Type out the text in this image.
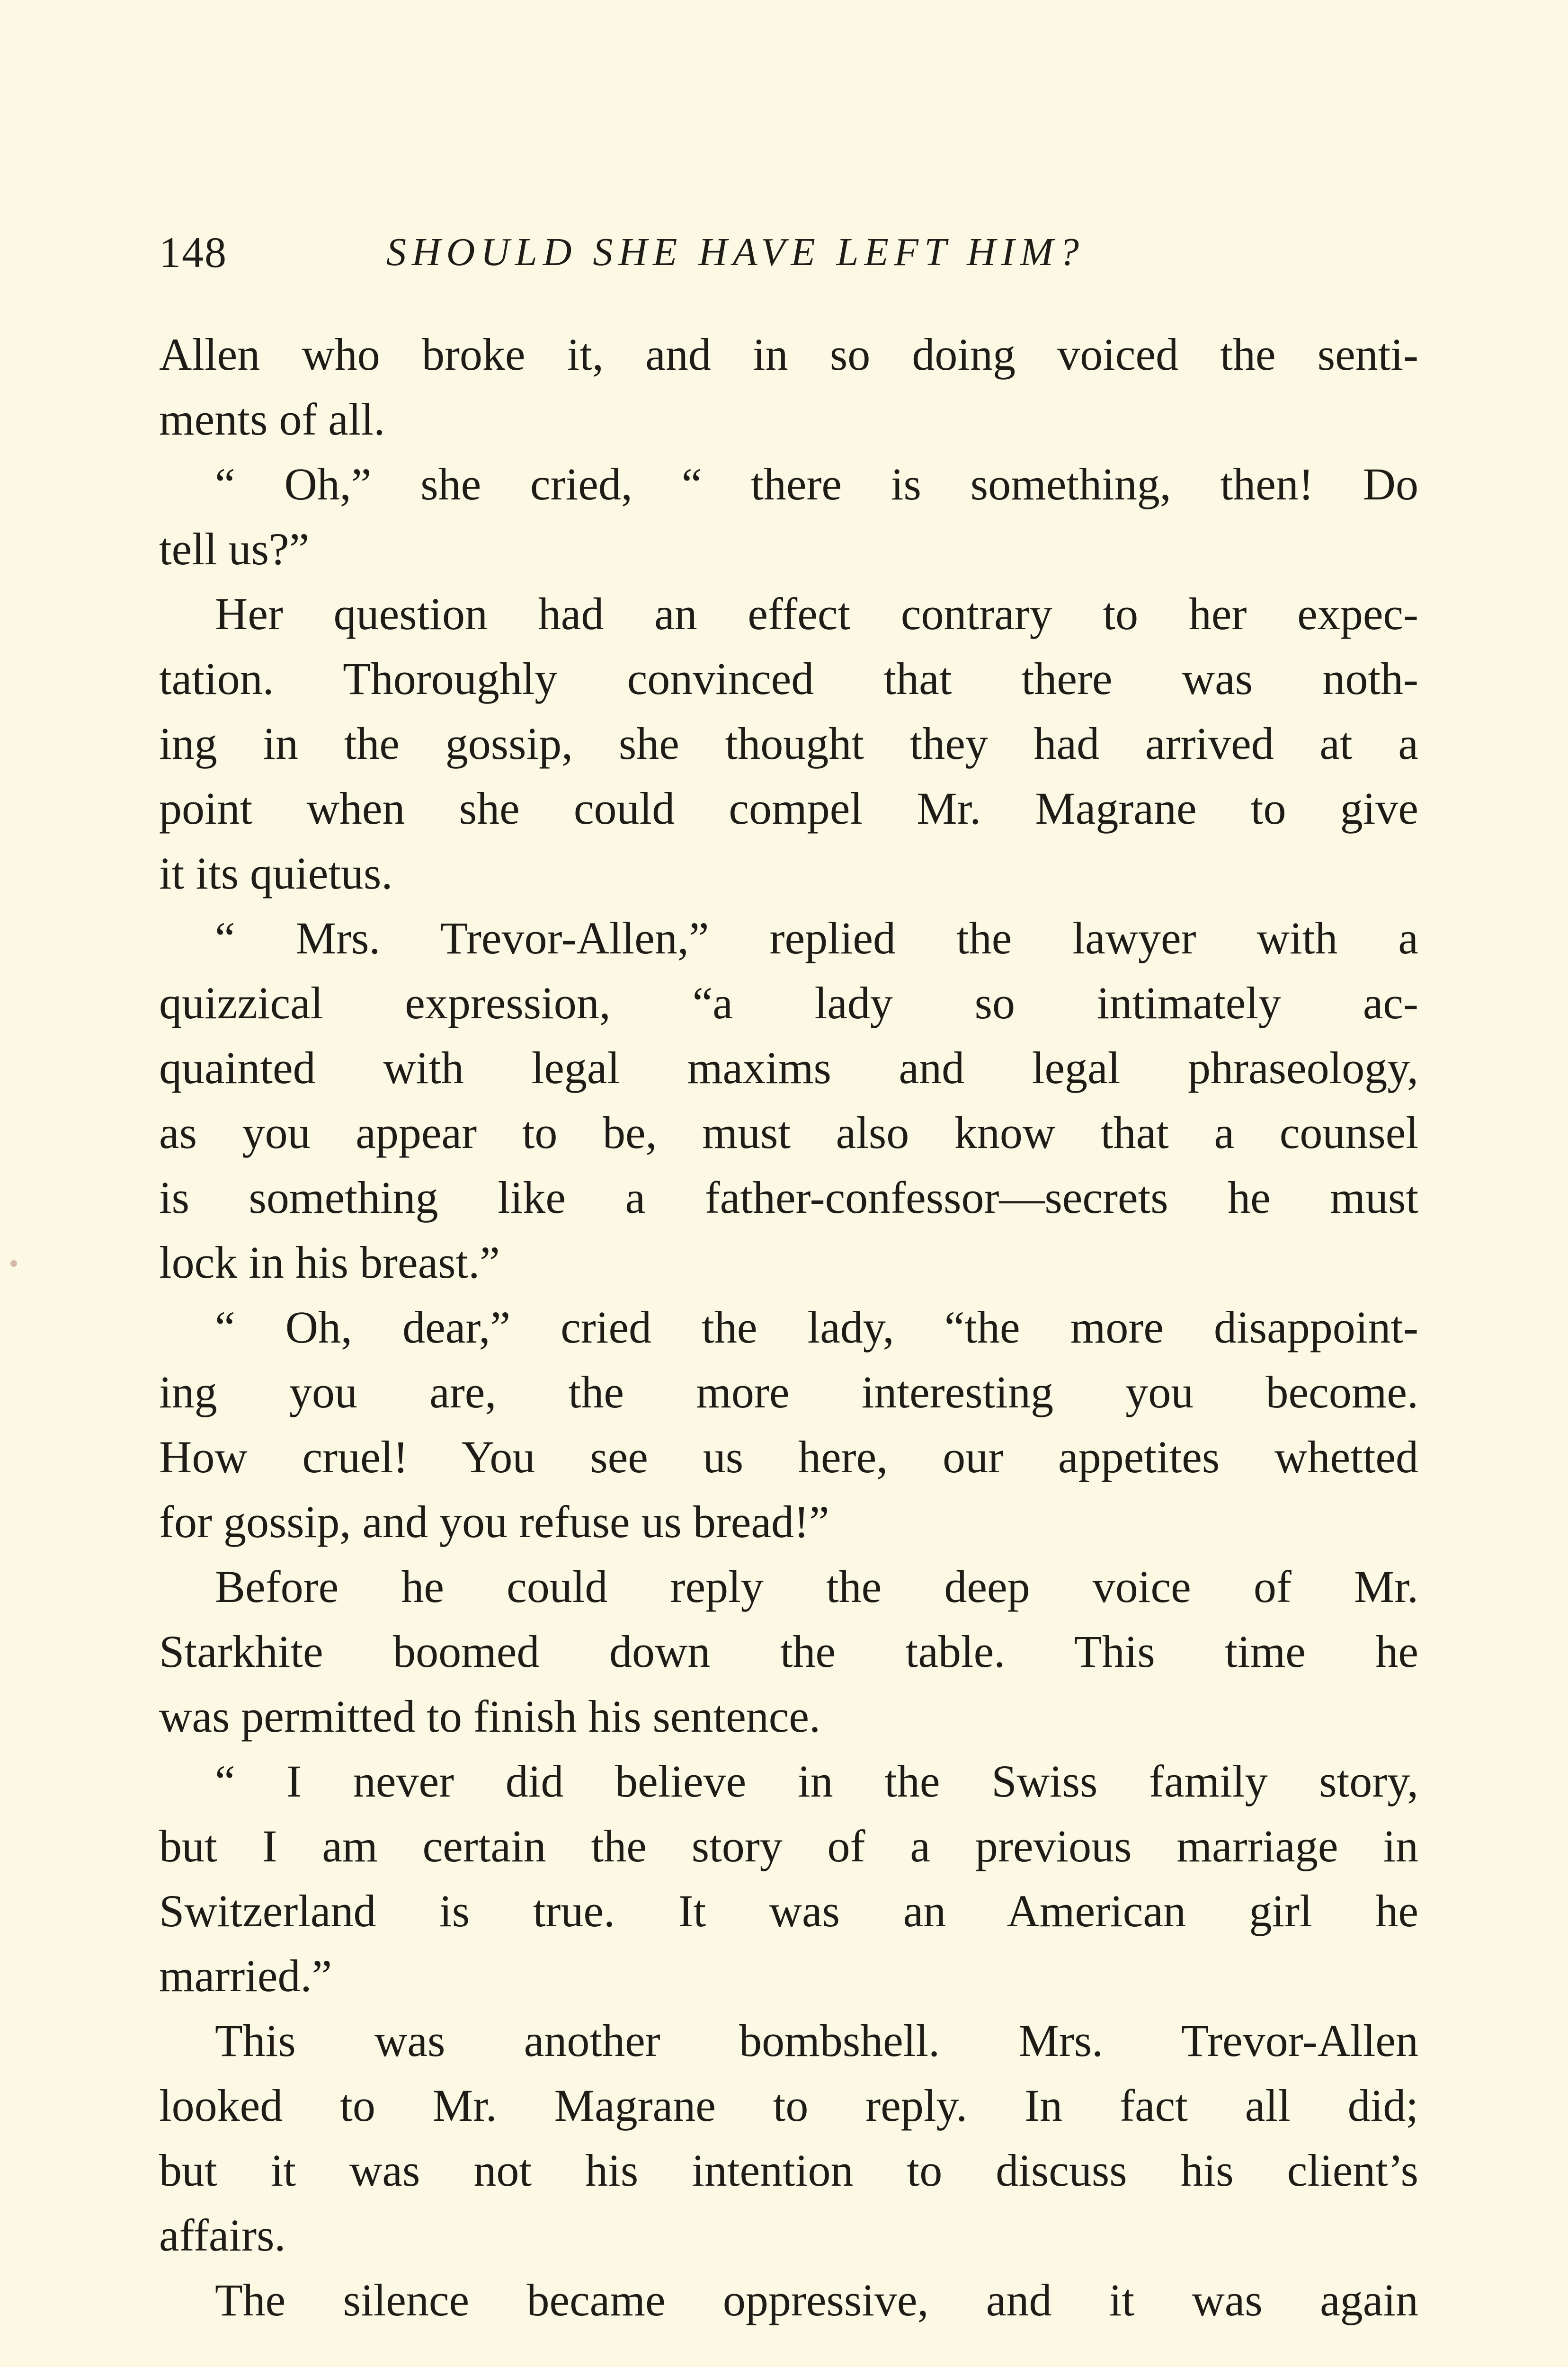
148	SHOULD SHE HAVE LEFT HIM?
Allen who broke it, and in so doing voiced the senti-
ments of all.
“ Oh,” she cried, “ there is something, then! Do
tell us?”
Her question had an effect contrary to her expec-
tation. Thoroughly convinced that there was noth-
ing in the gossip, she thought they had arrived at a
point when she could compel Mr. Magrane to give
it its quietus.
“ Mrs. Trevor-Allen,” replied the lawyer with a
quizzical expression, “a lady so intimately ac-
quainted with legal maxims and legal phraseology,
as you appear to be, must also know that a counsel
is something like a father-confessor—secrets he must
lock in his breast.”
“ Oh, dear,” cried the lady, “the more disappoint-
ing you are, the more interesting you become.
How cruel! You see us here, our appetites whetted
for gossip, and you refuse us bread!”
Before he could reply the deep voice of Mr.
Starkhite boomed down the table. This time he
was permitted to finish his sentence.
“ I never did believe in the Swiss family story,
but I am certain the story of a previous marriage in
Switzerland is true. It was an American girl he
married.”
This was another bombshell. Mrs. Trevor-Allen
looked to Mr. Magrane to reply. In fact all did;
but it was not his intention to discuss his client’s
affairs.
The silence became oppressive, and it was again
